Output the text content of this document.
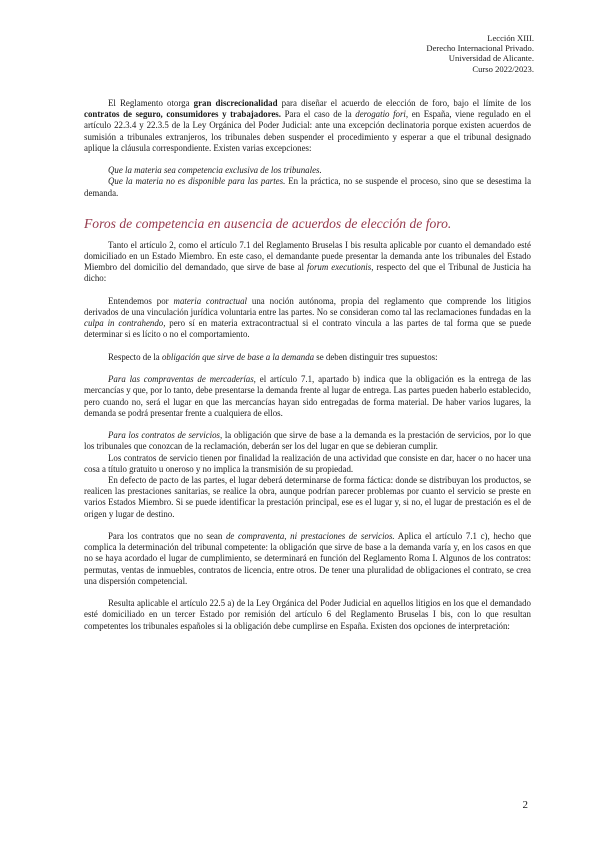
Lección XIII.
Derecho Internacional Privado.
Universidad de Alicante.
Curso 2022/2023.

El Reglamento otorga gran discrecionalidad para diseñar el acuerdo de elección de foro, bajo el límite de los contratos de seguro, consumidores y trabajadores. Para el caso de la derogatio fori, en España, viene regulado en el artículo 22.3.4 y 22.3.5 de la Ley Orgánica del Poder Judicial: ante una excepción declinatoria porque existen acuerdos de sumisión a tribunales extranjeros, los tribunales deben suspender el procedimiento y esperar a que el tribunal designado aplique la cláusula correspondiente. Existen varias excepciones:

Que la materia sea competencia exclusiva de los tribunales.

Que la materia no es disponible para las partes. En la práctica, no se suspende el proceso, sino que se desestima la demanda.

Foros de competencia en ausencia de acuerdos de elección de foro.

Tanto el artículo 2, como el artículo 7.1 del Reglamento Bruselas I bis resulta aplicable por cuanto el demandado esté domiciliado en un Estado Miembro. En este caso, el demandante puede presentar la demanda ante los tribunales del Estado Miembro del domicilio del demandado, que sirve de base al forum executionis, respecto del que el Tribunal de Justicia ha dicho:

Entendemos por materia contractual una noción autónoma, propia del reglamento que comprende los litigios derivados de una vinculación jurídica voluntaria entre las partes. No se consideran como tal las reclamaciones fundadas en la culpa in contrahendo, pero sí en materia extracontractual si el contrato vincula a las partes de tal forma que se puede determinar si es lícito o no el comportamiento.

Respecto de la obligación que sirve de base a la demanda se deben distinguir tres supuestos:

Para las compraventas de mercaderías, el artículo 7.1, apartado b) indica que la obligación es la entrega de las mercancías y que, por lo tanto, debe presentarse la demanda frente al lugar de entrega. Las partes pueden haberlo establecido, pero cuando no, será el lugar en que las mercancías hayan sido entregadas de forma material. De haber varios lugares, la demanda se podrá presentar frente a cualquiera de ellos.

Para los contratos de servicios, la obligación que sirve de base a la demanda es la prestación de servicios, por lo que los tribunales que conozcan de la reclamación, deberán ser los del lugar en que se debieran cumplir.

Los contratos de servicio tienen por finalidad la realización de una actividad que consiste en dar, hacer o no hacer una cosa a título gratuito u oneroso y no implica la transmisión de su propiedad.

En defecto de pacto de las partes, el lugar deberá determinarse de forma fáctica: donde se distribuyan los productos, se realicen las prestaciones sanitarias, se realice la obra, aunque podrían parecer problemas por cuanto el servicio se preste en varios Estados Miembro. Si se puede identificar la prestación principal, ese es el lugar y, si no, el lugar de prestación es el de origen y lugar de destino.

Para los contratos que no sean de compraventa, ni prestaciones de servicios. Aplica el artículo 7.1 c), hecho que complica la determinación del tribunal competente: la obligación que sirve de base a la demanda varía y, en los casos en que no se haya acordado el lugar de cumplimiento, se determinará en función del Reglamento Roma I. Algunos de los contratos: permutas, ventas de inmuebles, contratos de licencia, entre otros. De tener una pluralidad de obligaciones el contrato, se crea una dispersión competencial.

Resulta aplicable el artículo 22.5 a) de la Ley Orgánica del Poder Judicial en aquellos litigios en los que el demandado esté domiciliado en un tercer Estado por remisión del artículo 6 del Reglamento Bruselas I bis, con lo que resultan competentes los tribunales españoles si la obligación debe cumplirse en España. Existen dos opciones de interpretación:

2
